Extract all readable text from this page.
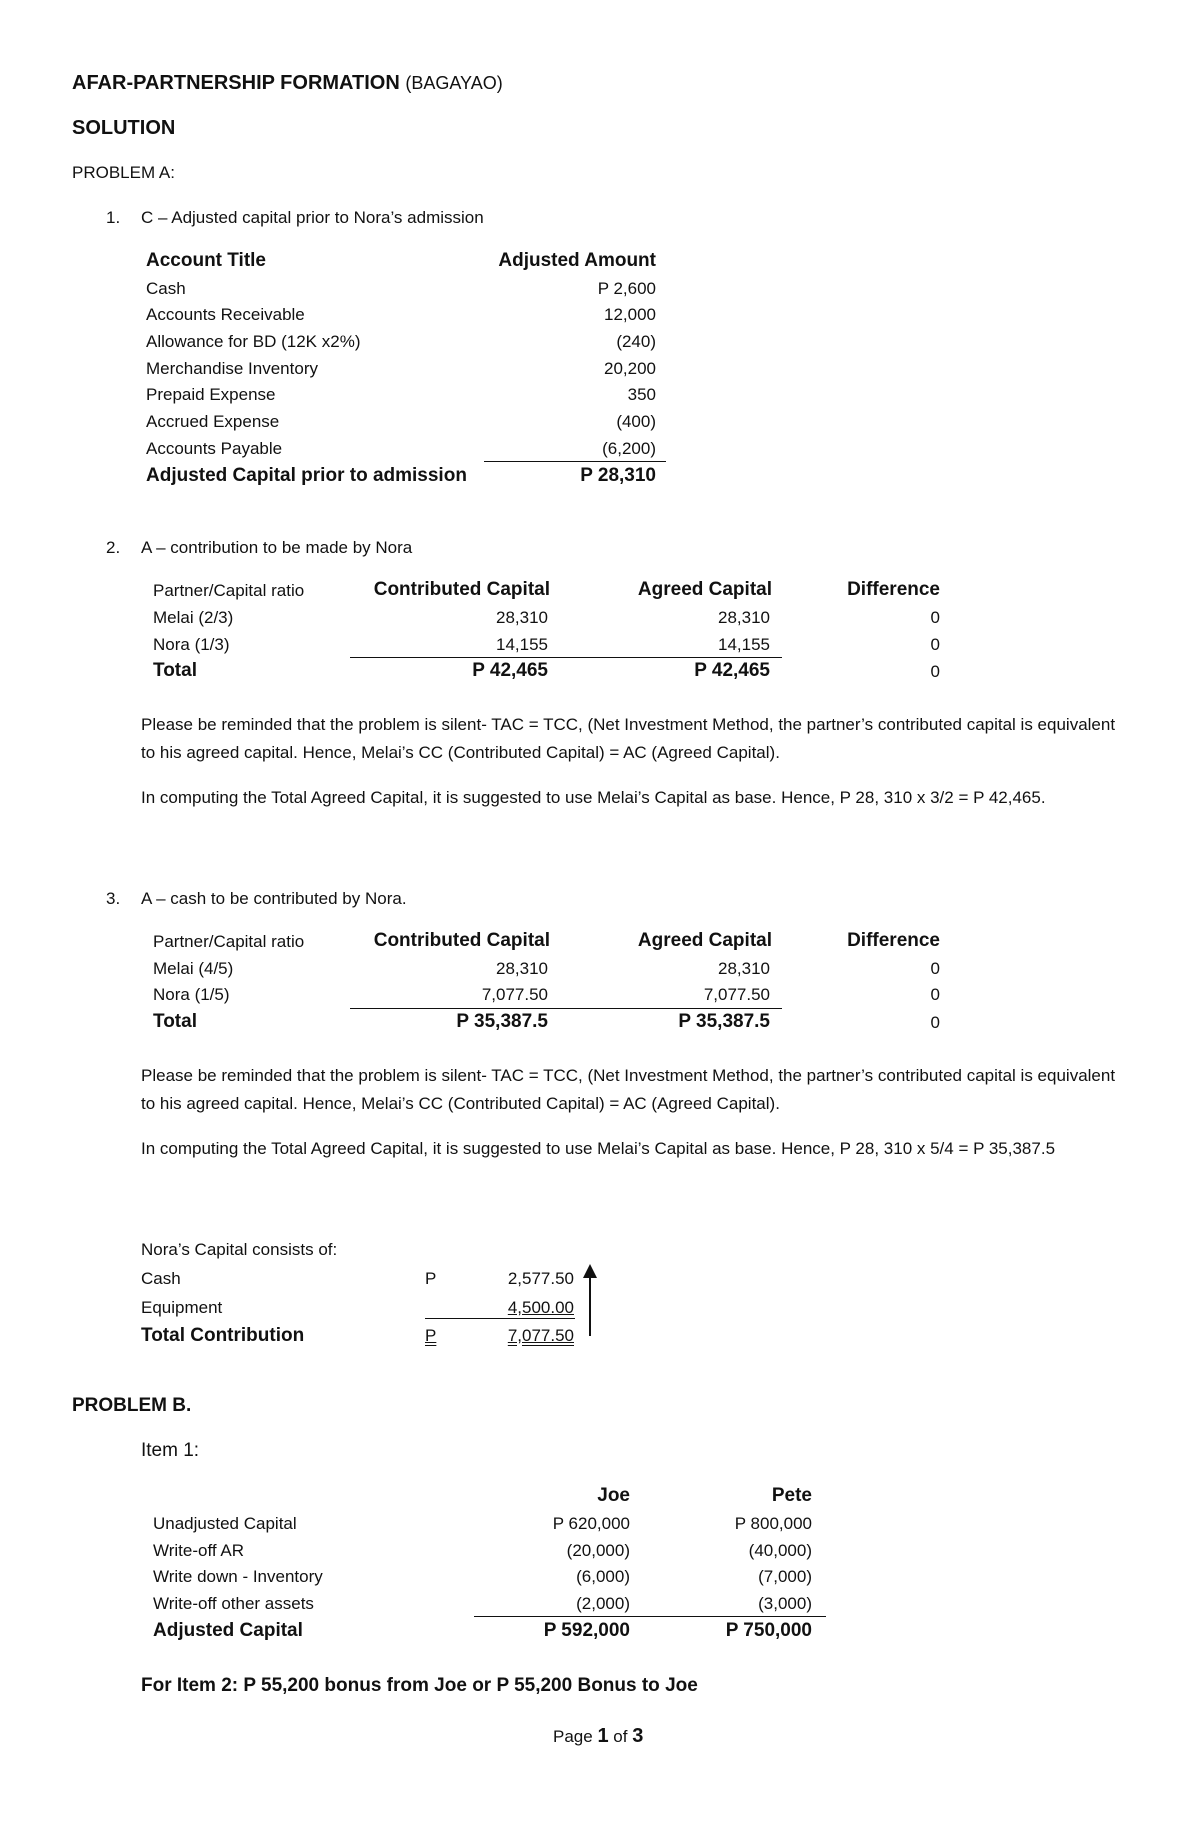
AFAR-PARTNERSHIP FORMATION (BAGAYAO)
SOLUTION
PROBLEM A:
1. C – Adjusted capital prior to Nora’s admission
Account Title	Adjusted Amount
Cash	P 2,600
Accounts Receivable	12,000
Allowance for BD (12K x2%)	(240)
Merchandise Inventory	20,200
Prepaid Expense	350
Accrued Expense	(400)
Accounts Payable	(6,200)
Adjusted Capital prior to admission	P 28,310
2. A – contribution to be made by Nora
Partner/Capital ratio	Contributed Capital	Agreed Capital	Difference
Melai (2/3)	28,310	28,310	0
Nora (1/3)	14,155	14,155	0
Total	P 42,465	P 42,465	0
Please be reminded that the problem is silent- TAC = TCC, (Net Investment Method, the partner’s contributed capital is equivalent to his agreed capital. Hence, Melai’s CC (Contributed Capital) = AC (Agreed Capital).
In computing the Total Agreed Capital, it is suggested to use Melai’s Capital as base. Hence, P 28, 310 x 3/2 = P 42,465.
3. A – cash to be contributed by Nora.
Partner/Capital ratio	Contributed Capital	Agreed Capital	Difference
Melai (4/5)	28,310	28,310	0
Nora (1/5)	7,077.50	7,077.50	0
Total	P 35,387.5	P 35,387.5	0
Please be reminded that the problem is silent- TAC = TCC, (Net Investment Method, the partner’s contributed capital is equivalent to his agreed capital. Hence, Melai’s CC (Contributed Capital) = AC (Agreed Capital).
In computing the Total Agreed Capital, it is suggested to use Melai’s Capital as base. Hence, P 28, 310 x 5/4 = P 35,387.5
Nora’s Capital consists of:
Cash	P	2,577.50
Equipment	4,500.00
Total Contribution	P	7,077.50
PROBLEM B.
Item 1:
Joe	Pete
Unadjusted Capital	P 620,000	P 800,000
Write-off AR	(20,000)	(40,000)
Write down - Inventory	(6,000)	(7,000)
Write-off other assets	(2,000)	(3,000)
Adjusted Capital	P 592,000	P 750,000
For Item 2: P 55,200 bonus from Joe or P 55,200 Bonus to Joe
Page 1 of 3
